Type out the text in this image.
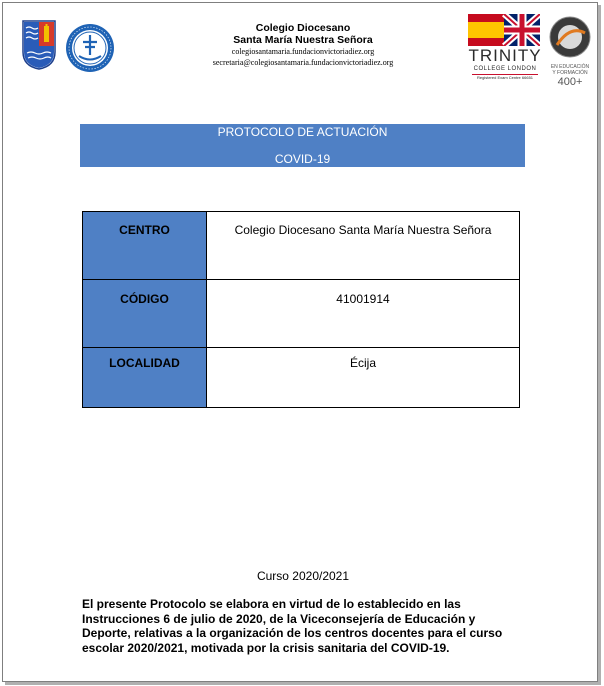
Colegio Diocesano
Santa María Nuestra Señora
colegiosantamaria.fundacionvictoriadiez.org
secretaria@colegiosantamaria.fundacionvictoriadiez.org	TRINITY
COLLEGE LONDON
Registered Exam Centre 66651
EN EDUCACIÓN
Y FORMACIÓN
400+
PROTOCOLO DE ACTUACIÓN
COVID-19
CENTRO	Colegio Diocesano Santa María Nuestra Señora
CÓDIGO	41001914
LOCALIDAD	Écija
Curso 2020/2021
El presente Protocolo se elabora en virtud de lo establecido en las Instrucciones 6 de julio de 2020, de la Viceconsejería de Educación y Deporte, relativas a la organización de los centros docentes para el curso escolar 2020/2021, motivada por la crisis sanitaria del COVID-19.
